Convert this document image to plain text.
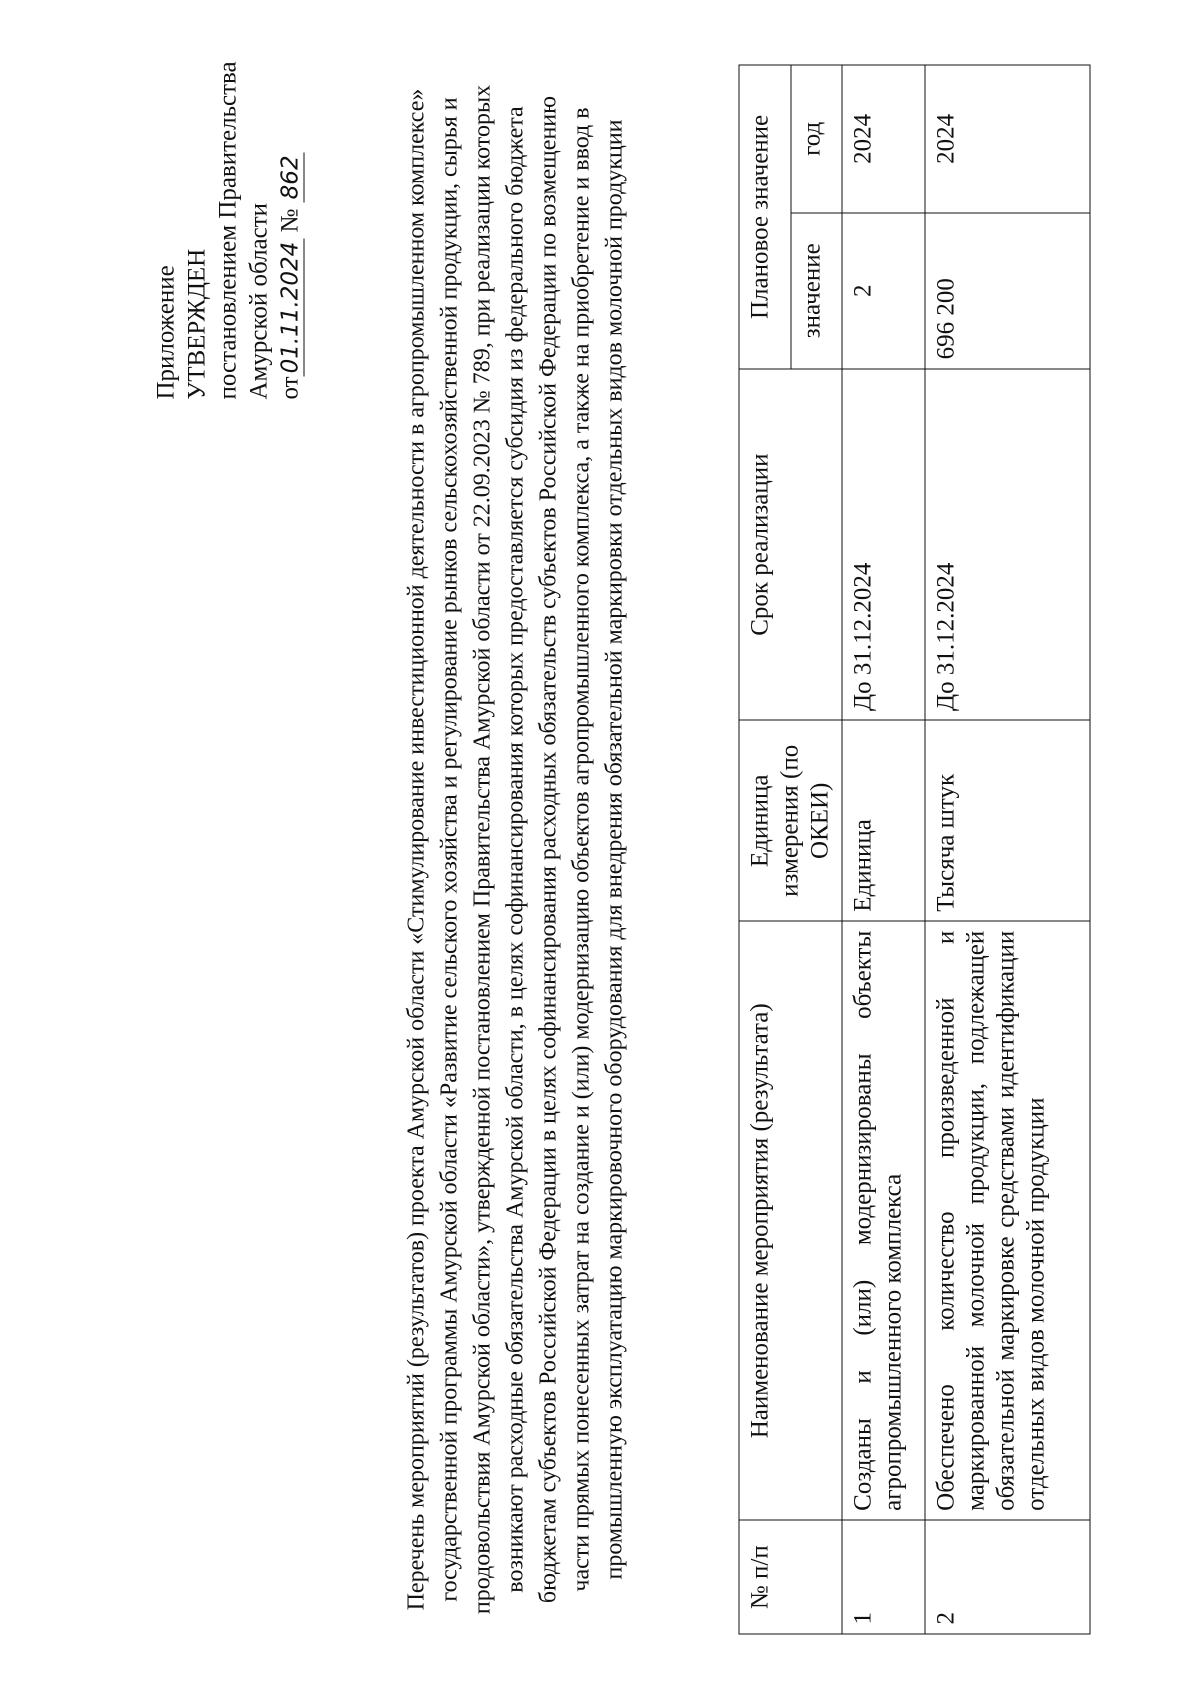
Приложение УТВЕРЖДЕН постановлением Правительства Амурской области от01.11.2024 № 862	Перечень мероприятий (результатов) проекта Амурской области «Стимулирование инвестиционной деятельности в агропромышленном комплексе» государственной программы Амурской области «Развитие сельского хозяйства и регулирование рынков сельскохозяйственной продукции, сырья и продовольствия Амурской области», утвержденной постановлением Правительства Амурской области от 22.09.2023 № 789, при реализации которых возникают расходные обязательства Амурской области, в целях софинансирования которых предоставляется субсидия из федерального бюджета бюджетам субъектов Российской Федерации в целях софинансирования расходных обязательств субъектов Российской Федерации по возмещению части прямых понесенных затрат на создание и (или) модернизацию объектов агропромышленного комплекса, а также на приобретение и ввод в промышленную эксплуатацию маркировочного оборудования для внедрения обязательной маркировки отдельных видов молочной продукции	№ п/п	Наименование мероприятия (результата)	Единица измерения (по ОКЕИ)	Срок реализации	Плановое значение	
				значение	год
1	Созданы и (или) модернизированы объекты агропромышленного комплекса	Единица	До 31.12.2024	2	2024
2	Обеспечено количество произведенной и маркированной молочной продукции, подлежащей обязательной маркировке средствами идентификации отдельных видов молочной продукции	Тысяча штук	До 31.12.2024	696 200	2024
